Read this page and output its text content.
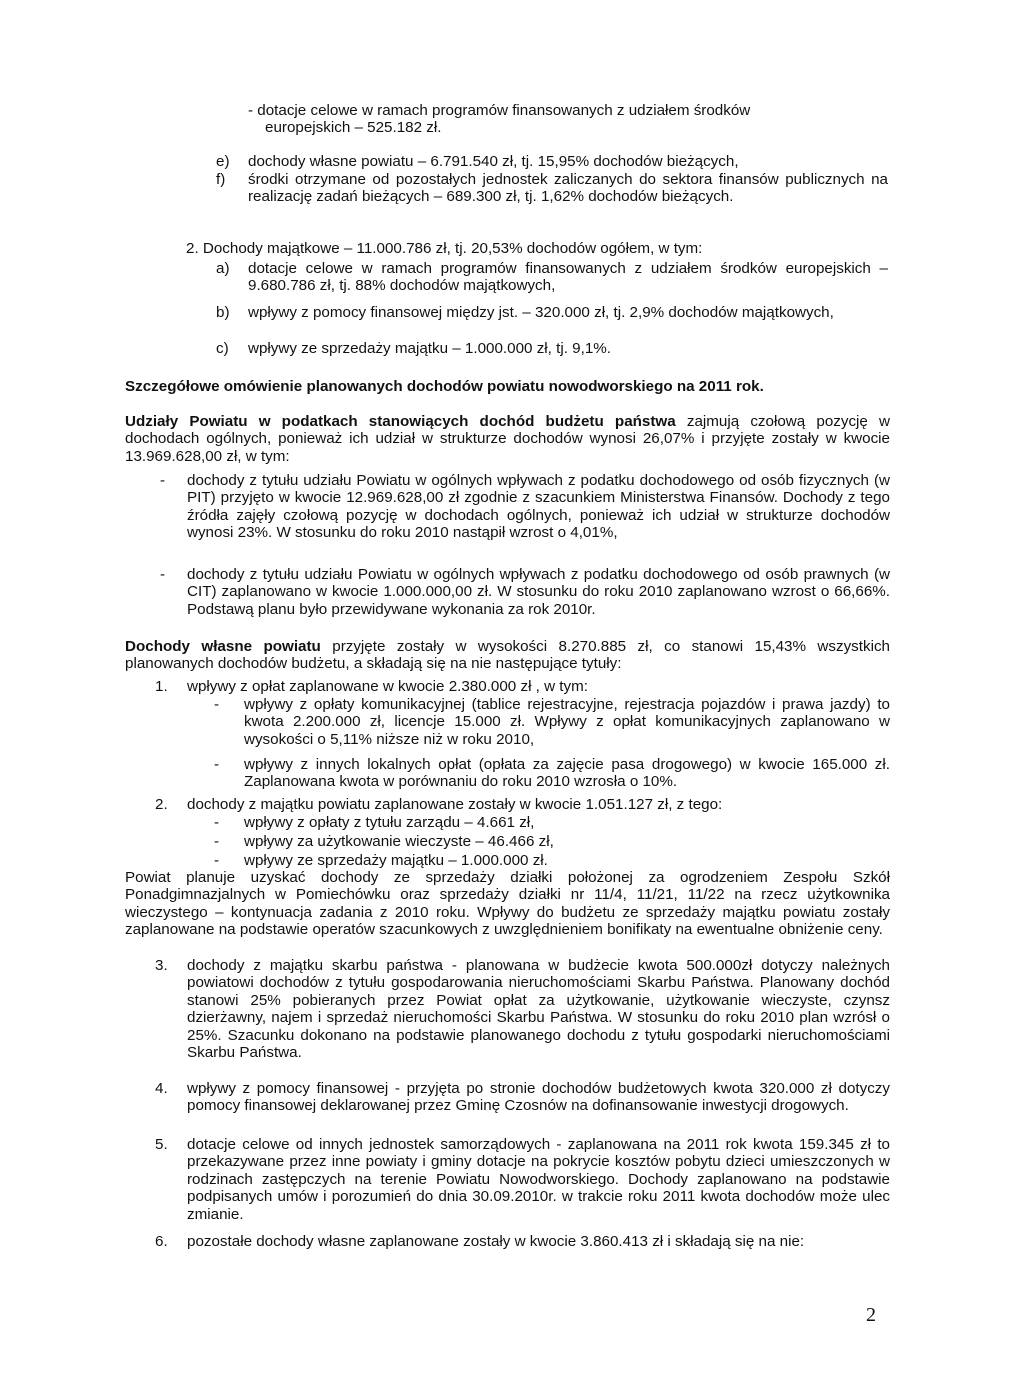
- dotacje celowe w ramach programów finansowanych z udziałem środków
europejskich – 525.182 zł.
e) dochody własne powiatu – 6.791.540 zł, tj. 15,95% dochodów bieżących,
f) środki otrzymane od pozostałych jednostek zaliczanych do sektora finansów publicznych na realizację zadań bieżących – 689.300 zł, tj. 1,62% dochodów bieżących.
2. Dochody majątkowe – 11.000.786 zł, tj. 20,53% dochodów ogółem, w tym:
a) dotacje celowe w ramach programów finansowanych z udziałem środków europejskich – 9.680.786 zł, tj. 88% dochodów majątkowych,
b) wpływy z pomocy finansowej między jst. – 320.000 zł, tj. 2,9% dochodów majątkowych,
c) wpływy ze sprzedaży majątku – 1.000.000 zł, tj. 9,1%.
Szczegółowe omówienie planowanych dochodów powiatu nowodworskiego na 2011 rok.
Udziały Powiatu w podatkach stanowiących dochód budżetu państwa zajmują czołową pozycję w dochodach ogólnych, ponieważ ich udział w strukturze dochodów wynosi 26,07% i przyjęte zostały w kwocie 13.969.628,00 zł, w tym:
- dochody z tytułu udziału Powiatu w ogólnych wpływach z podatku dochodowego od osób fizycznych (w PIT) przyjęto w kwocie 12.969.628,00 zł zgodnie z szacunkiem Ministerstwa Finansów. Dochody z tego źródła zajęły czołową pozycję w dochodach ogólnych, ponieważ ich udział w strukturze dochodów wynosi 23%. W stosunku do roku 2010 nastąpił wzrost o 4,01%,
- dochody z tytułu udziału Powiatu w ogólnych wpływach z podatku dochodowego od osób prawnych (w CIT) zaplanowano w kwocie 1.000.000,00 zł. W stosunku do roku 2010 zaplanowano wzrost o 66,66%. Podstawą planu było przewidywane wykonania za rok 2010r.
Dochody własne powiatu przyjęte zostały w wysokości 8.270.885 zł, co stanowi 15,43% wszystkich planowanych dochodów budżetu, a składają się na nie następujące tytuły:
1. wpływy z opłat zaplanowane w kwocie 2.380.000 zł , w tym:
- wpływy z opłaty komunikacyjnej (tablice rejestracyjne, rejestracja pojazdów i prawa jazdy) to kwota 2.200.000 zł, licencje 15.000 zł. Wpływy z opłat komunikacyjnych zaplanowano w wysokości o 5,11% niższe niż w roku 2010,
- wpływy z innych lokalnych opłat (opłata za zajęcie pasa drogowego) w kwocie 165.000 zł. Zaplanowana kwota w porównaniu do roku 2010 wzrosła o 10%.
2. dochody z majątku powiatu zaplanowane zostały w kwocie 1.051.127 zł, z tego:
- wpływy z opłaty z tytułu zarządu – 4.661 zł,
- wpływy za użytkowanie wieczyste – 46.466 zł,
- wpływy ze sprzedaży majątku – 1.000.000 zł.
Powiat planuje uzyskać dochody ze sprzedaży działki położonej za ogrodzeniem Zespołu Szkół Ponadgimnazjalnych w Pomiechówku oraz sprzedaży działki nr 11/4, 11/21, 11/22 na rzecz użytkownika wieczystego – kontynuacja zadania z 2010 roku. Wpływy do budżetu ze sprzedaży majątku powiatu zostały zaplanowane na podstawie operatów szacunkowych z uwzględnieniem bonifikaty na ewentualne obniżenie ceny.
3. dochody z majątku skarbu państwa - planowana w budżecie kwota 500.000zł dotyczy należnych powiatowi dochodów z tytułu gospodarowania nieruchomościami Skarbu Państwa. Planowany dochód stanowi 25% pobieranych przez Powiat opłat za użytkowanie, użytkowanie wieczyste, czynsz dzierżawny, najem i sprzedaż nieruchomości Skarbu Państwa. W stosunku do roku 2010 plan wzrósł o 25%. Szacunku dokonano na podstawie planowanego dochodu z tytułu gospodarki nieruchomościami Skarbu Państwa.
4. wpływy z pomocy finansowej - przyjęta po stronie dochodów budżetowych kwota 320.000 zł dotyczy pomocy finansowej deklarowanej przez Gminę Czosnów na dofinansowanie inwestycji drogowych.
5. dotacje celowe od innych jednostek samorządowych - zaplanowana na 2011 rok kwota 159.345 zł to przekazywane przez inne powiaty i gminy dotacje na pokrycie kosztów pobytu dzieci umieszczonych w rodzinach zastępczych na terenie Powiatu Nowodworskiego. Dochody zaplanowano na podstawie podpisanych umów i porozumień do dnia 30.09.2010r. w trakcie roku 2011 kwota dochodów może ulec zmianie.
6. pozostałe dochody własne zaplanowane zostały w kwocie 3.860.413 zł i składają się na nie:
2
